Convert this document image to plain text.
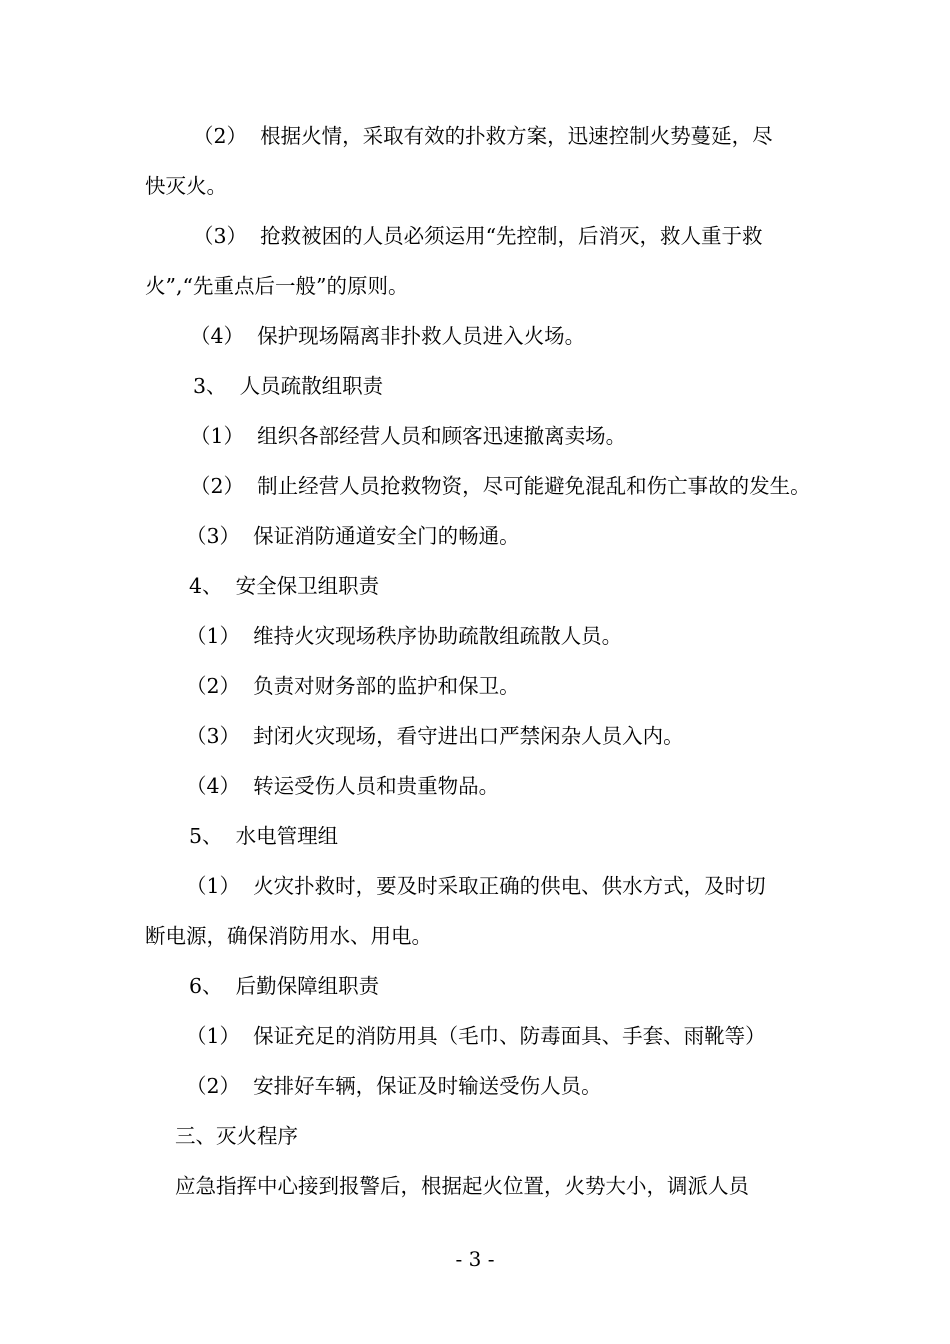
（2）  根据火情，采取有效的扑救方案，迅速控制火势蔓延，尽
快灭火。
（3）  抢救被困的人员必须运用“先控制，后消灭，救人重于救
火”,“先重点后一般”的原则。
（4）  保护现场隔离非扑救人员进入火场。
3、  人员疏散组职责
（1）  组织各部经营人员和顾客迅速撤离卖场。
（2）  制止经营人员抢救物资，尽可能避免混乱和伤亡事故的发生。
（3）  保证消防通道安全门的畅通。
4、  安全保卫组职责
（1）  维持火灾现场秩序协助疏散组疏散人员。
（2）  负责对财务部的监护和保卫。
（3）  封闭火灾现场，看守进出口严禁闲杂人员入内。
（4）  转运受伤人员和贵重物品。
5、  水电管理组
（1）  火灾扑救时，要及时采取正确的供电、供水方式，及时切
断电源，确保消防用水、用电。
6、  后勤保障组职责
（1）  保证充足的消防用具（毛巾、防毒面具、手套、雨靴等）
（2）  安排好车辆，保证及时输送受伤人员。
三、灭火程序
应急指挥中心接到报警后，根据起火位置，火势大小，调派人员
- 3 -
